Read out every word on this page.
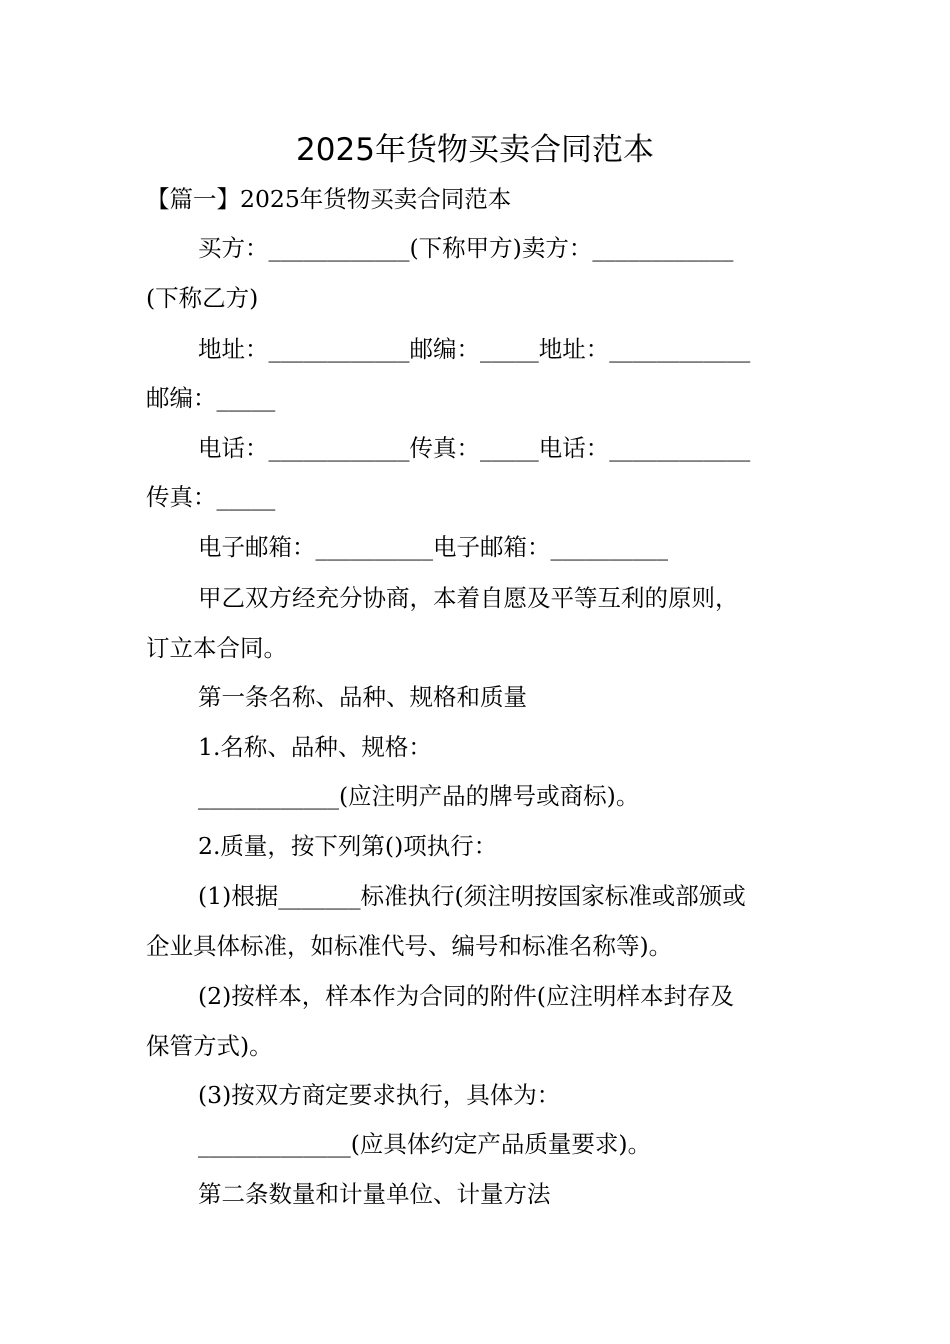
2025年货物买卖合同范本

【篇一】2025年货物买卖合同范本

买方：____________(下称甲方)卖方：____________

(下称乙方)

地址：____________邮编：_____地址：____________

邮编：_____

电话：____________传真：_____电话：____________

传真：_____

电子邮箱：__________电子邮箱：__________

甲乙双方经充分协商，本着自愿及平等互利的原则，

订立本合同。

第一条名称、品种、规格和质量

1.名称、品种、规格：

____________(应注明产品的牌号或商标)。

2.质量，按下列第()项执行：

(1)根据_______标准执行(须注明按国家标准或部颁或

企业具体标准，如标准代号、编号和标准名称等)。

(2)按样本，样本作为合同的附件(应注明样本封存及

保管方式)。

(3)按双方商定要求执行，具体为：

_____________(应具体约定产品质量要求)。

第二条数量和计量单位、计量方法
